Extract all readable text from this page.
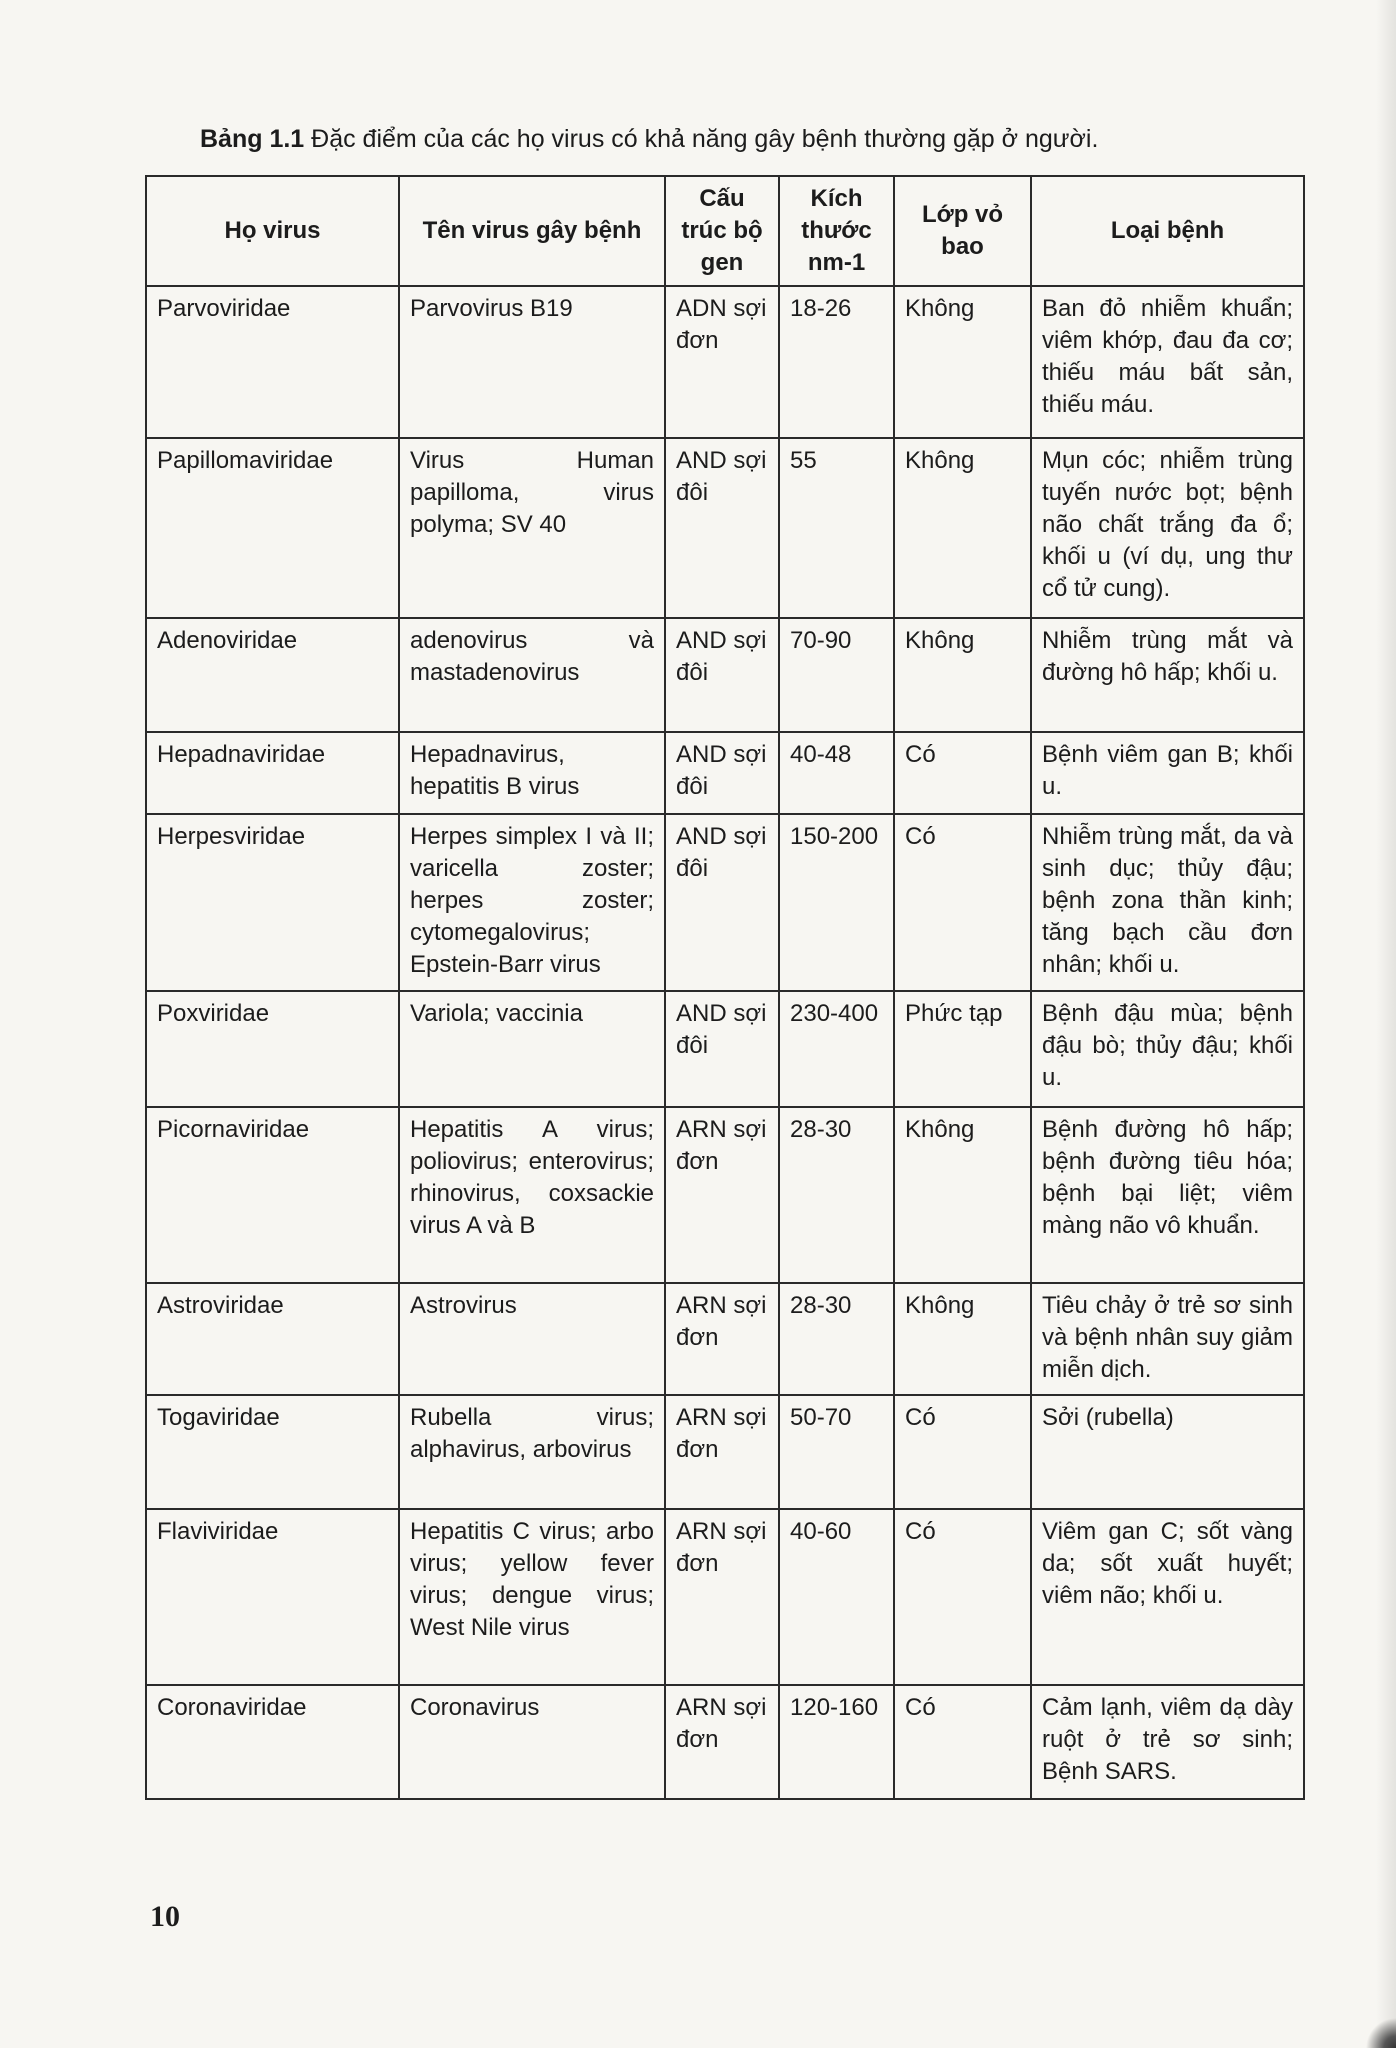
Bảng 1.1 Đặc điểm của các họ virus có khả năng gây bệnh thường gặp ở người.
Họ virus	Tên virus gây bệnh	Cấu trúc bộ gen	Kích thước nm-1	Lớp vỏ bao	Loại bệnh
Parvoviridae	Parvovirus B19	ADN sợi đơn	18-26	Không	Ban đỏ nhiễm khuẩn; viêm khớp, đau đa cơ; thiếu máu bất sản, thiếu máu.
Papillomaviridae	Virus Human papilloma, virus polyma; SV 40	AND sợi đôi	55	Không	Mụn cóc; nhiễm trùng tuyến nước bọt; bệnh não chất trắng đa ổ; khối u (ví dụ, ung thư cổ tử cung).
Adenoviridae	adenovirus và mastadenovirus	AND sợi đôi	70-90	Không	Nhiễm trùng mắt và đường hô hấp; khối u.
Hepadnaviridae	Hepadnavirus, hepatitis B virus	AND sợi đôi	40-48	Có	Bệnh viêm gan B; khối u.
Herpesviridae	Herpes simplex I và II; varicella zoster; herpes zoster; cytomegalovirus; Epstein-Barr virus	AND sợi đôi	150-200	Có	Nhiễm trùng mắt, da và sinh dục; thủy đậu; bệnh zona thần kinh; tăng bạch cầu đơn nhân; khối u.
Poxviridae	Variola; vaccinia	AND sợi đôi	230-400	Phức tạp	Bệnh đậu mùa; bệnh đậu bò; thủy đậu; khối u.
Picornaviridae	Hepatitis A virus; poliovirus; enterovirus; rhinovirus, coxsackie virus A và B	ARN sợi đơn	28-30	Không	Bệnh đường hô hấp; bệnh đường tiêu hóa; bệnh bại liệt; viêm màng não vô khuẩn.
Astroviridae	Astrovirus	ARN sợi đơn	28-30	Không	Tiêu chảy ở trẻ sơ sinh và bệnh nhân suy giảm miễn dịch.
Togaviridae	Rubella virus; alphavirus, arbovirus	ARN sợi đơn	50-70	Có	Sởi (rubella)
Flaviviridae	Hepatitis C virus; arbo virus; yellow fever virus; dengue virus; West Nile virus	ARN sợi đơn	40-60	Có	Viêm gan C; sốt vàng da; sốt xuất huyết; viêm não; khối u.
Coronaviridae	Coronavirus	ARN sợi đơn	120-160	Có	Cảm lạnh, viêm dạ dày ruột ở trẻ sơ sinh; Bệnh SARS.
10
